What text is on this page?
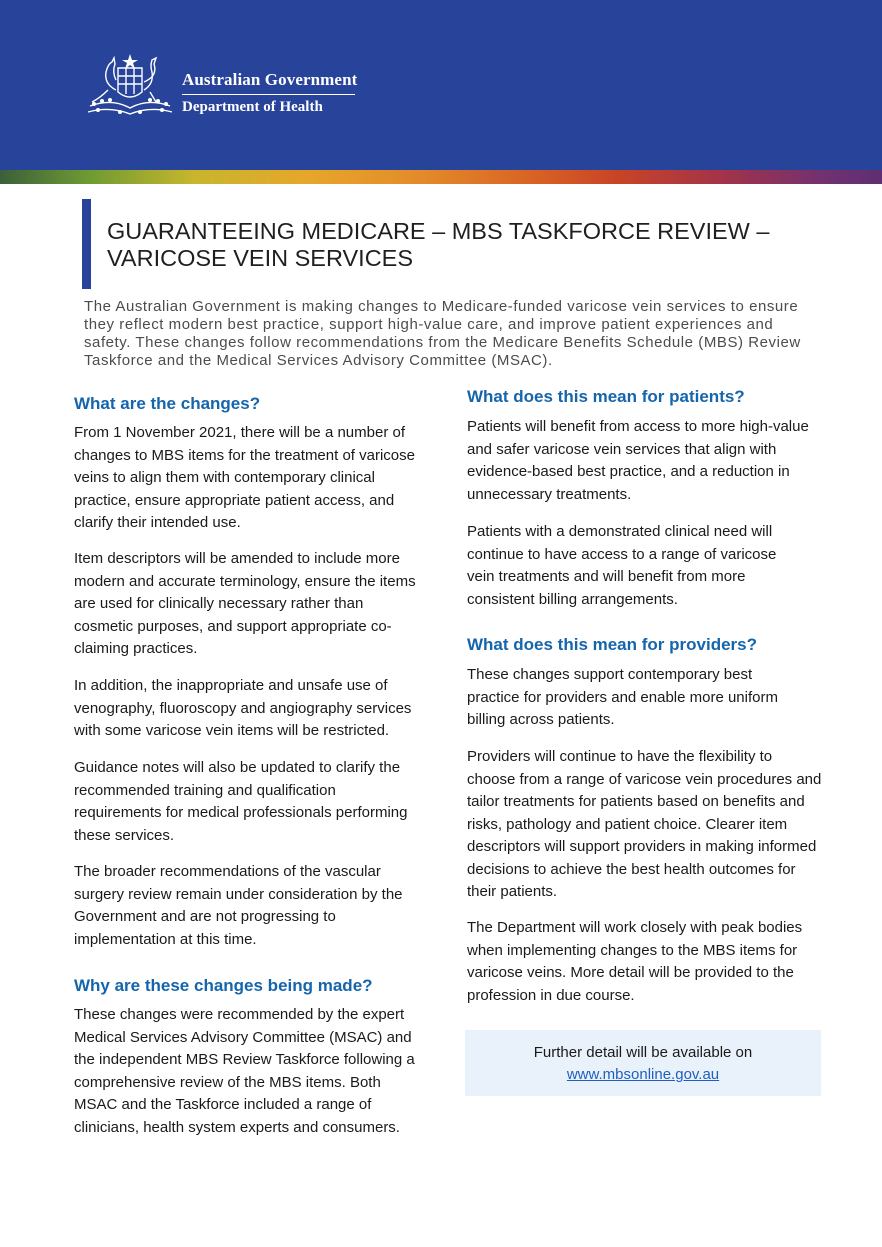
Australian Government
Department of Health
GUARANTEEING MEDICARE – MBS TASKFORCE REVIEW –
VARICOSE VEIN SERVICES

The Australian Government is making changes to Medicare-funded varicose vein services to ensure they reflect modern best practice, support high-value care, and improve patient experiences and safety. These changes follow recommendations from the Medicare Benefits Schedule (MBS) Review Taskforce and the Medical Services Advisory Committee (MSAC).

What are the changes?

From 1 November 2021, there will be a number of changes to MBS items for the treatment of varicose veins to align them with contemporary clinical practice, ensure appropriate patient access, and clarify their intended use.

Item descriptors will be amended to include more modern and accurate terminology, ensure the items are used for clinically necessary rather than cosmetic purposes, and support appropriate co-claiming practices.

In addition, the inappropriate and unsafe use of venography, fluoroscopy and angiography services with some varicose vein items will be restricted.

Guidance notes will also be updated to clarify the recommended training and qualification requirements for medical professionals performing these services.

The broader recommendations of the vascular surgery review remain under consideration by the Government and are not progressing to implementation at this time.

Why are these changes being made?

These changes were recommended by the expert Medical Services Advisory Committee (MSAC) and the independent MBS Review Taskforce following a comprehensive review of the MBS items. Both MSAC and the Taskforce included a range of clinicians, health system experts and consumers.

What does this mean for patients?

Patients will benefit from access to more high-value and safer varicose vein services that align with evidence-based best practice, and a reduction in unnecessary treatments.

Patients with a demonstrated clinical need will continue to have access to a range of varicose vein treatments and will benefit from more consistent billing arrangements.

What does this mean for providers?

These changes support contemporary best practice for providers and enable more uniform billing across patients.

Providers will continue to have the flexibility to choose from a range of varicose vein procedures and tailor treatments for patients based on benefits and risks, pathology and patient choice. Clearer item descriptors will support providers in making informed decisions to achieve the best health outcomes for their patients.

The Department will work closely with peak bodies when implementing changes to the MBS items for varicose veins. More detail will be provided to the profession in due course.

Further detail will be available on
www.mbsonline.gov.au
